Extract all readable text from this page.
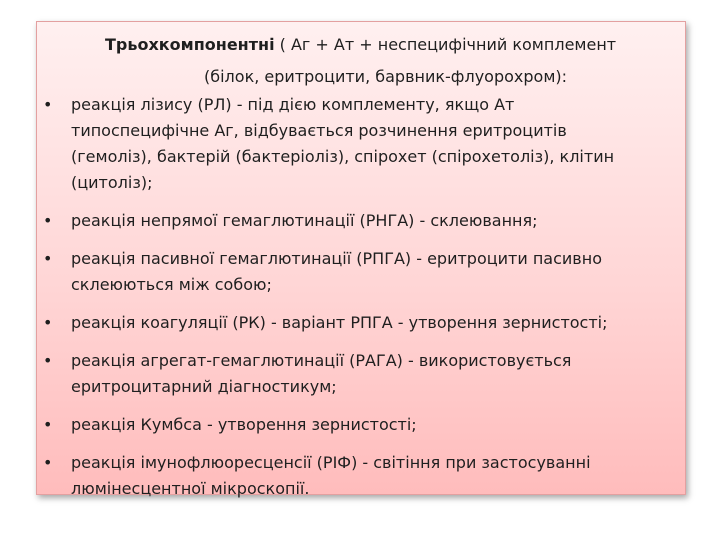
Трьохкомпонентні ( Аг + Ат + неспецифічний комплемент
(білок, еритроцити, барвник-флуорохром):
• реакція лізису (РЛ) - під дією комплементу, якщо Ат
типоспецифічне Аг, відбувається розчинення еритроцитів
(гемоліз), бактерій (бактеріоліз), спірохет (спірохетоліз), клітин
(цитоліз);
• реакція непрямої гемаглютинації (РНГА) - склеювання;
• реакція пасивної гемаглютинації (РПГА) - еритроцити пасивно
склеюються між собою;
• реакція коагуляції (РК) - варіант РПГА - утворення зернистості;
• реакція агрегат-гемаглютинації (РАГА) - використовується
еритроцитарний діагностикум;
• реакція Кумбса - утворення зернистості;
• реакція імунофлюоресценсії (РІФ) - світіння при застосуванні
люмінесцентної мікроскопії.
